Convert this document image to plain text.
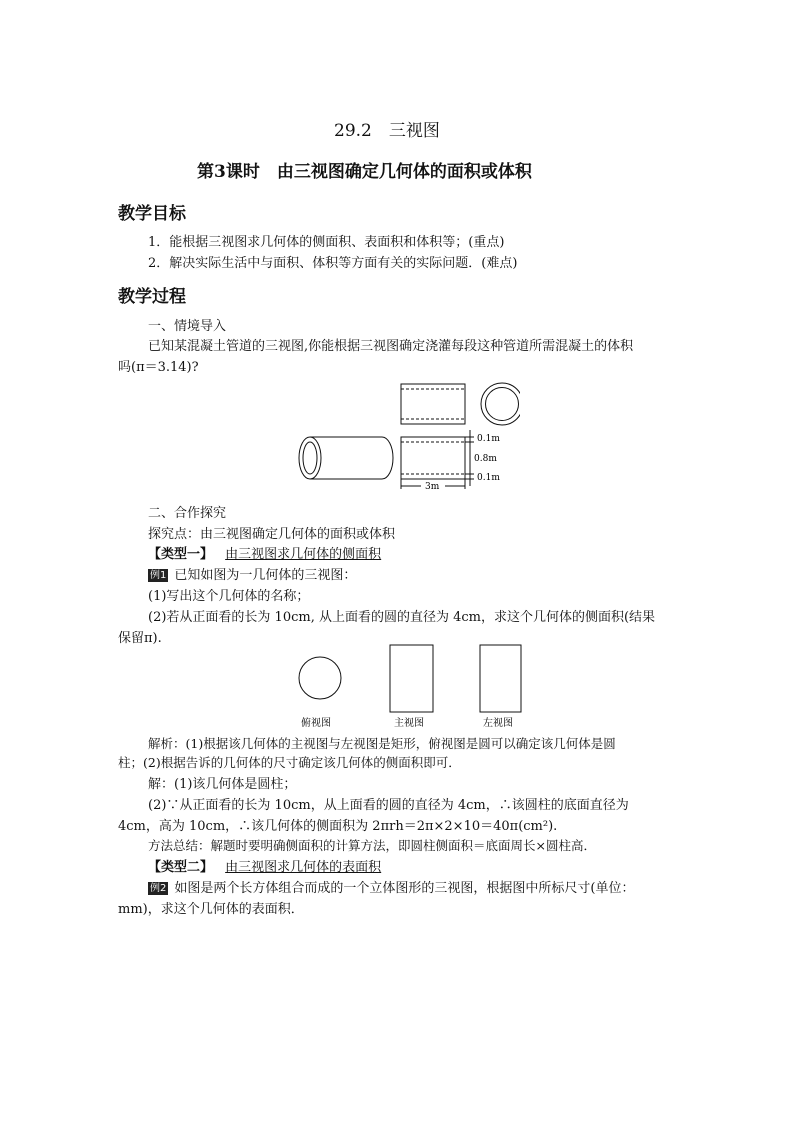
29.2　三视图
第3课时　由三视图确定几何体的面积或体积
教学目标
1．能根据三视图求几何体的侧面积、表面积和体积等；(重点)
2．解决实际生活中与面积、体积等方面有关的实际问题．(难点)
教学过程
一、情境导入
已知某混凝土管道的三视图,你能根据三视图确定浇灌每段这种管道所需混凝土的体积
吗(π＝3.14)?
0.1m
0.8m
0.1m
3m
二、合作探究
探究点：由三视图确定几何体的面积或体积
【类型一】 由三视图求几何体的侧面积
例1 已知如图为一几何体的三视图：
(1)写出这个几何体的名称；
(2)若从正面看的长为 10cm, 从上面看的圆的直径为 4cm，求这个几何体的侧面积(结果
保留π).
俯视图	主视图	左视图
解析：(1)根据该几何体的主视图与左视图是矩形，俯视图是圆可以确定该几何体是圆
柱；(2)根据告诉的几何体的尺寸确定该几何体的侧面积即可．
解：(1)该几何体是圆柱；
(2)∵从正面看的长为 10cm，从上面看的圆的直径为 4cm，∴该圆柱的底面直径为
4cm，高为 10cm，∴该几何体的侧面积为 2πrh＝2π×2×10＝40π(cm²).
方法总结：解题时要明确侧面积的计算方法，即圆柱侧面积＝底面周长×圆柱高．
【类型二】 由三视图求几何体的表面积
例2 如图是两个长方体组合而成的一个立体图形的三视图，根据图中所标尺寸(单位：
mm)，求这个几何体的表面积．
